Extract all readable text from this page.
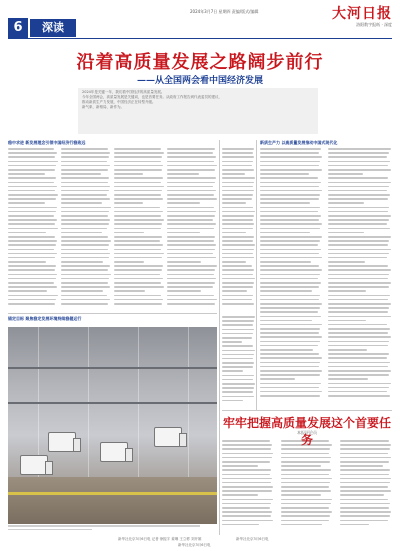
6	深读
2024年3月7日 星期四 责编/版式/编辑	大河日报
洛阳数字报纸 · 深度
沿着高质量发展之路阔步前行
——从全国两会看中国经济发展

2024年是关键一年，我们看中国经济的高质量发展。

今年全国两会，高质量发展是关键词，也是首要任务。从政府工作报告到代表委员的建议，

推动新质生产力发展，中国经济正在转型升级。

新气象、新格局、新作为。

稳中求进 新发展理念引领中国经济行稳致远	新质生产力 以高质量发展推动中国式现代化
锚定目标 聚焦稳定发展环境持续稳健运行
牢牢把握高质量发展这个首要任务
本报评论员
新华社北京3月6日电 记者 徐振宇 姜琳 王立彬 刘开雄
新华社北京3月6日电
新华社北京3月6日电
